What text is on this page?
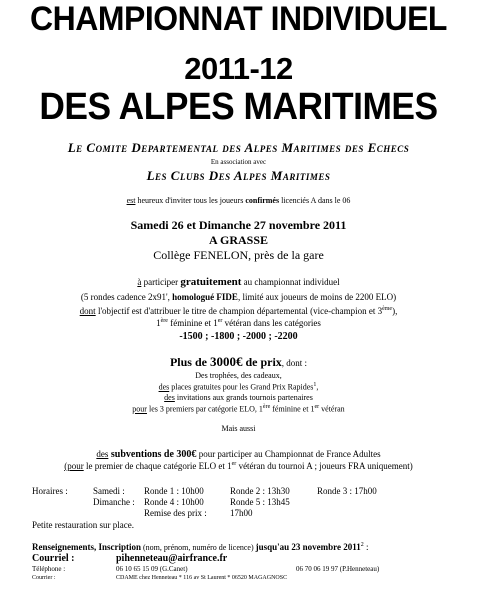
CHAMPIONNAT INDIVIDUEL
2011-12
DES ALPES MARITIMES
Le Comite Departemental des Alpes Maritimes des Echecs
En association avec
Les Clubs Des Alpes Maritimes
est heureux d'inviter tous les joueurs confirmés licenciés A dans le 06
Samedi 26 et Dimanche 27 novembre 2011
A GRASSE
Collège FENELON, près de la gare
à participer gratuitement au championnat individuel
(5 rondes cadence 2x91', homologué FIDE, limité aux joueurs de moins de 2200 ELO)
dont l'objectif est d'attribuer le titre de champion départemental (vice-champion et 3ème),
1ère féminine et 1er vétéran dans les catégories
-1500 ; -1800 ; -2000 ; -2200
Plus de 3000€ de prix, dont :
Des trophées, des cadeaux,
des places gratuites pour les Grand Prix Rapides$^1$,
des invitations aux grands tournois partenaires
pour les 3 premiers par catégorie ELO, 1ère féminine et 1er vétéran
Mais aussi
des subventions de 300€ pour participer au Championnat de France Adultes
(pour le premier de chaque catégorie ELO et 1er vétéran du tournoi A ; joueurs FRA uniquement)
Horaires :	Samedi : Ronde 1 : 10h00	Ronde 2 : 13h30	Ronde 3 : 17h00
Dimanche : Ronde 4 : 10h00	Ronde 5 : 13h45
Remise des prix :	17h00
Petite restauration sur place.
Renseignements, Inscription (nom, prénom, numéro de licence) jusqu'au 23 novembre 2011$^2$ :
Courriel :	pihenneteau@airfrance.fr
Téléphone :	06 10 65 15 09 (G.Canet)	06 70 06 19 97 (P.Henneteau)
Courrier :	CDAME chez Henneteau * 116 av St Laurent * 06520 MAGAGNOSC
